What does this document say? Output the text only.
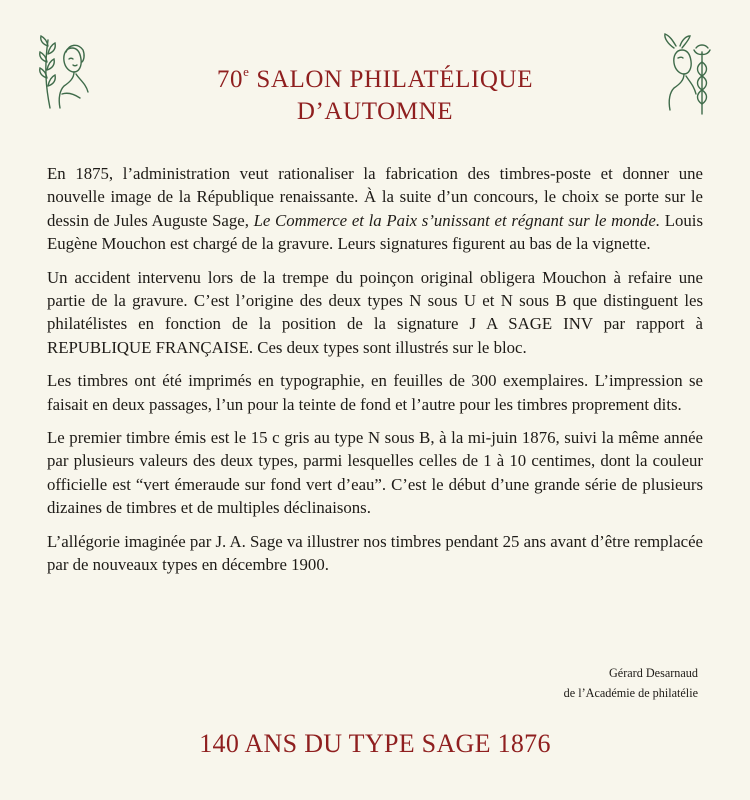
70e SALON PHILATÉLIQUE
D’AUTOMNE

En 1875, l’administration veut rationaliser la fabrication des timbres-poste et donner une nouvelle image de la République renaissante. À la suite d’un concours, le choix se porte sur le dessin de Jules Auguste Sage, Le Commerce et la Paix s’unissant et régnant sur le monde. Louis Eugène Mouchon est chargé de la gravure. Leurs signatures figurent au bas de la vignette.

Un accident intervenu lors de la trempe du poinçon original obligera Mouchon à refaire une partie de la gravure. C’est l’origine des deux types N sous U et N sous B que distinguent les philatélistes en fonction de la position de la signature J A SAGE INV par rapport à REPUBLIQUE FRANÇAISE. Ces deux types sont illustrés sur le bloc.

Les timbres ont été imprimés en typographie, en feuilles de 300 exemplaires. L’impression se faisait en deux passages, l’un pour la teinte de fond et l’autre pour les timbres proprement dits.

Le premier timbre émis est le 15 c gris au type N sous B, à la mi-juin 1876, suivi la même année par plusieurs valeurs des deux types, parmi lesquelles celles de 1 à 10 centimes, dont la couleur officielle est “vert émeraude sur fond vert d’eau”. C’est le début d’une grande série de plusieurs dizaines de timbres et de multiples déclinaisons.

L’allégorie imaginée par J. A. Sage va illustrer nos timbres pendant 25 ans avant d’être remplacée par de nouveaux types en décembre 1900.

Gérard Desarnaud
de l’Académie de philatélie
140 ANS DU TYPE SAGE 1876
